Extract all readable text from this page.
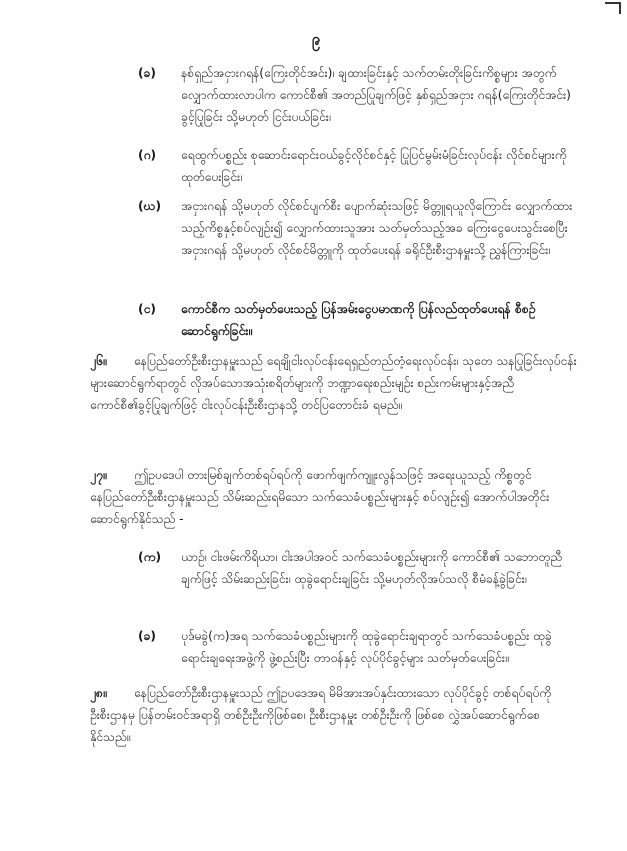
၉
(ခ)	နစ်ရှည်အငှားဂရန်(ကြေးတိုင်အင်း)၊ ချထားခြင်းနှင့် သက်တမ်းတိုးခြင်းကိစ္စများ အတွက် လျှောက်ထားလာပါက ကောင်စီ၏ အတည်ပြုချက်ဖြင့် နှစ်ရှည်အငှား ဂရန်(ကြေးတိုင်အင်း) ခွင့်ပြုခြင်း သို့မဟုတ် ငြင်းပယ်ခြင်း၊
(ဂ)	ရေထွက်ပစ္စည်း စုဆောင်းရောင်းဝယ်ခွင့်လိုင်စင်နှင့် ပြုပြင်မွမ်းမံခြင်းလုပ်ငန်း လိုင်စင်များကို ထုတ်ပေးခြင်း၊
(ဃ)	အငှားဂရန် သို့မဟုတ် လိုင်စင်ပျက်စီး ပျောက်ဆုံးသဖြင့် မိတ္တူရယူလိုကြောင်း လျှောက်ထားသည့်ကိစ္စနှင့်စပ်လျဉ်း၍ လျှောက်ထားသူအား သတ်မှတ်သည့်အခ ကြေးငွေပေးသွင်းစေပြီး အငှားဂရန် သို့မဟုတ် လိုင်စင်မိတ္တူကို ထုတ်ပေးရန် ခရိုင်ဦးစီးဌာနမှူးသို့ ညွှန်ကြားခြင်း၊
(င)	ကောင်စီက သတ်မှတ်ပေးသည့် ပြန်အမ်းငွေပမာဏကို ပြန်လည်ထုတ်ပေးရန် စီစဉ်ဆောင်ရွက်ခြင်း။
၂၆။	နေပြည်တော်ဦးစီးဌာနမှူးသည် ရေချိုငါးလုပ်ငန်းရေရှည်တည်တံ့ရေးလုပ်ငန်း၊ သုတေ သနပြုခြင်းလုပ်ငန်းများဆောင်ရွက်ရာတွင် လိုအပ်သောအသုံးစရိတ်များကို ဘဏ္ဍာရေးစည်းမျဉ်း စည်းကမ်းများနှင့်အညီ ကောင်စီ၏ခွင့်ပြုချက်ဖြင့် ငါးလုပ်ငန်းဦးစီးဌာနသို့ တင်ပြတောင်းခံ ရမည်။
၂၇။	ဤဥပဒေပါ တားမြစ်ချက်တစ်ရပ်ရပ်ကို ဖောက်ဖျက်ကျူးလွန်သဖြင့် အရေးယူသည့် ကိစ္စတွင် နေပြည်တော်ဦးစီးဌာနမှူးသည် သိမ်းဆည်းရမိသော သက်သေခံပစ္စည်းများနှင့် စပ်လျဉ်း၍ အောက်ပါအတိုင်းဆောင်ရွက်နိုင်သည် -
(က)	ယာဉ်၊ ငါးဖမ်းကိရိယာ၊ ငါးအပါအဝင် သက်သေခံပစ္စည်းများကို ကောင်စီ၏ သဘောတူညီချက်ဖြင့် သိမ်းဆည်းခြင်း၊ ထုခွဲရောင်းချခြင်း သို့မဟုတ်လိုအပ်သလို စီမံခန့်ခွဲခြင်း၊
(ခ)	ပုဒ်မခွဲ(က)အရ သက်သေခံပစ္စည်းများကို ထုခွဲရောင်းချရာတွင် သက်သေခံပစ္စည်း ထုခွဲရောင်းချရေးအဖွဲ့ကို ဖွဲ့စည်းပြီး တာဝန်နှင့် လုပ်ပိုင်ခွင့်များ သတ်မှတ်ပေးခြင်း။
၂၈။	နေပြည်တော်ဦးစီးဌာနမှူးသည် ဤဥပဒေအရ မိမိအားအပ်နှင်းထားသော လုပ်ပိုင်ခွင့် တစ်ရပ်ရပ်ကို ဦးစီးဌာနမှ ပြန်တမ်းဝင်အရာရှိ တစ်ဦးဦးကိုဖြစ်စေ၊ ဦးစီးဌာနမှူး တစ်ဦးဦးကို ဖြစ်စေ လွှဲအပ်ဆောင်ရွက်စေနိုင်သည်။
